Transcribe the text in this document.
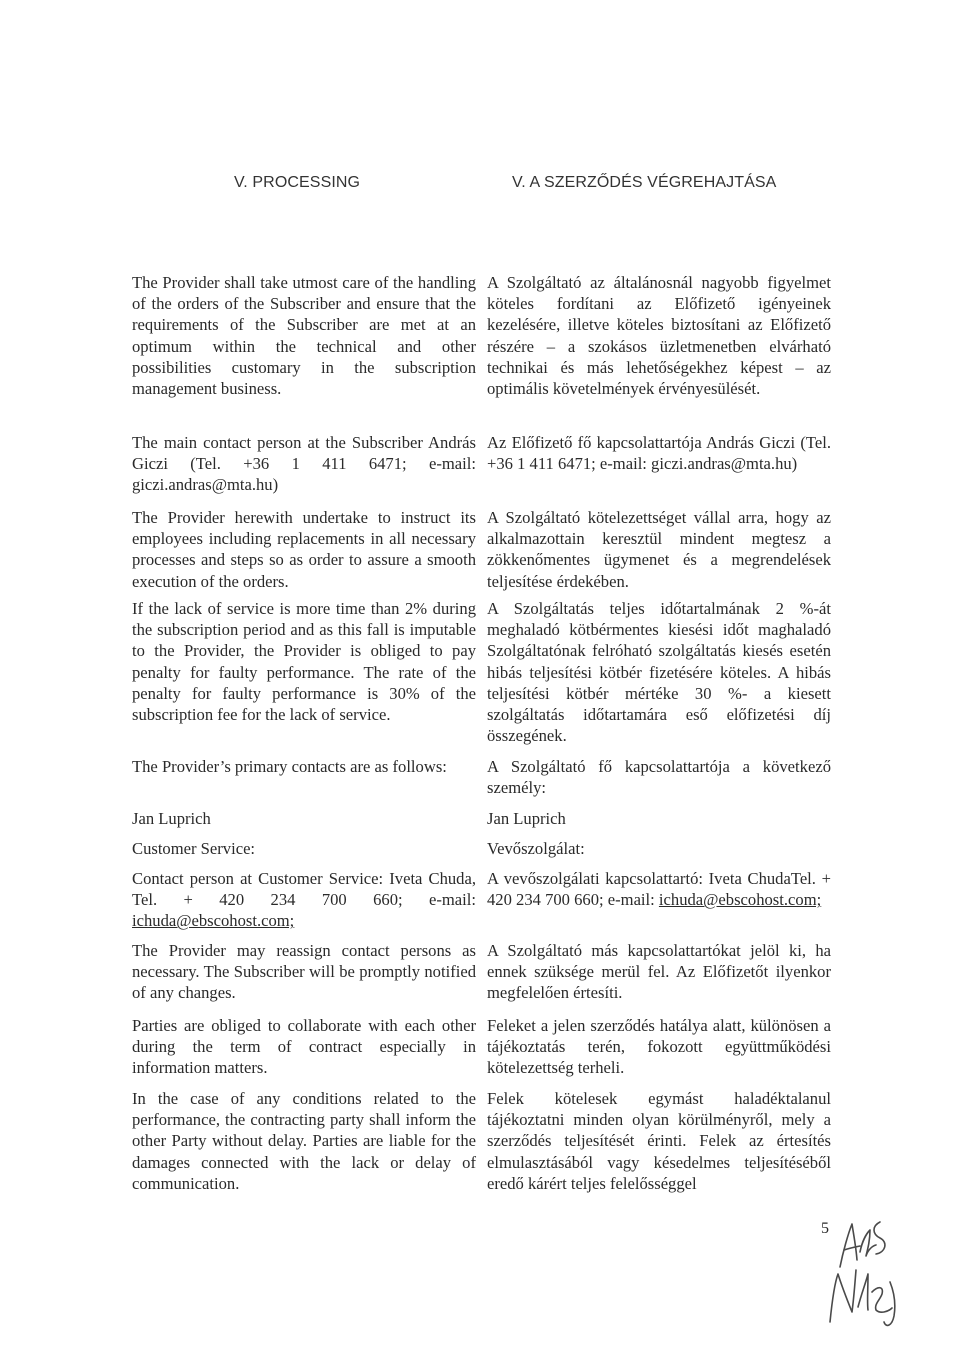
V. PROCESSING	V. A SZERZŐDÉS VÉGREHAJTÁSA

The Provider shall take utmost care of the handling of the orders of the Subscriber and ensure that the requirements of the Subscriber are met at an optimum within the technical and other possibilities customary in the subscription management business.

The main contact person at the Subscriber András Giczi (Tel. +36 1 411 6471; e-mail: giczi.andras@mta.hu)

The Provider herewith undertake to instruct its employees including replacements in all necessary processes and steps so as order to assure a smooth execution of the orders.

If the lack of service is more time than 2% during the subscription period and as this fall is imputable to the Provider, the Provider is obliged to pay penalty for faulty performance. The rate of the penalty for faulty performance is 30% of the subscription fee for the lack of service.

The Provider’s primary contacts are as follows:

Jan Luprich

Customer Service:

Contact person at Customer Service: Iveta Chuda, Tel. + 420 234 700 660; e-mail: ichuda@ebscohost.com;

The Provider may reassign contact persons as necessary. The Subscriber will be promptly notified of any changes.

Parties are obliged to collaborate with each other during the term of contract especially in information matters.

In the case of any conditions related to the performance, the contracting party shall inform the other Party without delay. Parties are liable for the damages connected with the lack or delay of communication.

A Szolgáltató az általánosnál nagyobb figyelmet köteles fordítani az Előfizető igényeinek kezelésére, illetve köteles biztosítani az Előfizető részére – a szokásos üzletmenetben elvárható technikai és más lehetőségekhez képest – az optimális követelmények érvényesülését.

Az Előfizető fő kapcsolattartója András Giczi (Tel. +36 1 411 6471; e-mail: giczi.andras@mta.hu)

A Szolgáltató kötelezettséget vállal arra, hogy az alkalmazottain keresztül mindent megtesz a zökkenőmentes ügymenet és a megrendelések teljesítése érdekében.

A Szolgáltatás teljes időtartalmának 2 %-át meghaladó kötbérmentes kiesési időt maghaladó Szolgáltatónak felróható szolgáltatás kiesés esetén hibás teljesítési kötbér fizetésére köteles. A hibás teljesítési kötbér mértéke 30 %- a kiesett szolgáltatás időtartamára eső előfizetési díj összegének.

A Szolgáltató fő kapcsolattartója a következő személy:

Jan Luprich

Vevőszolgálat:

A vevőszolgálati kapcsolattartó: Iveta ChudaTel. + 420 234 700 660; e-mail: ichuda@ebscohost.com;

A Szolgáltató más kapcsolattartókat jelöl ki, ha ennek szüksége merül fel. Az Előfizetőt ilyenkor megfelelően értesíti.

Feleket a jelen szerződés hatálya alatt, különösen a tájékoztatás terén, fokozott együttműködési kötelezettség terheli.

Felek kötelesek egymást haladéktalanul tájékoztatni minden olyan körülményről, mely a szerződés teljesítését érinti. Felek az értesítés elmulasztásából vagy késedelmes teljesítéséből eredő kárért teljes felelősséggel

5
